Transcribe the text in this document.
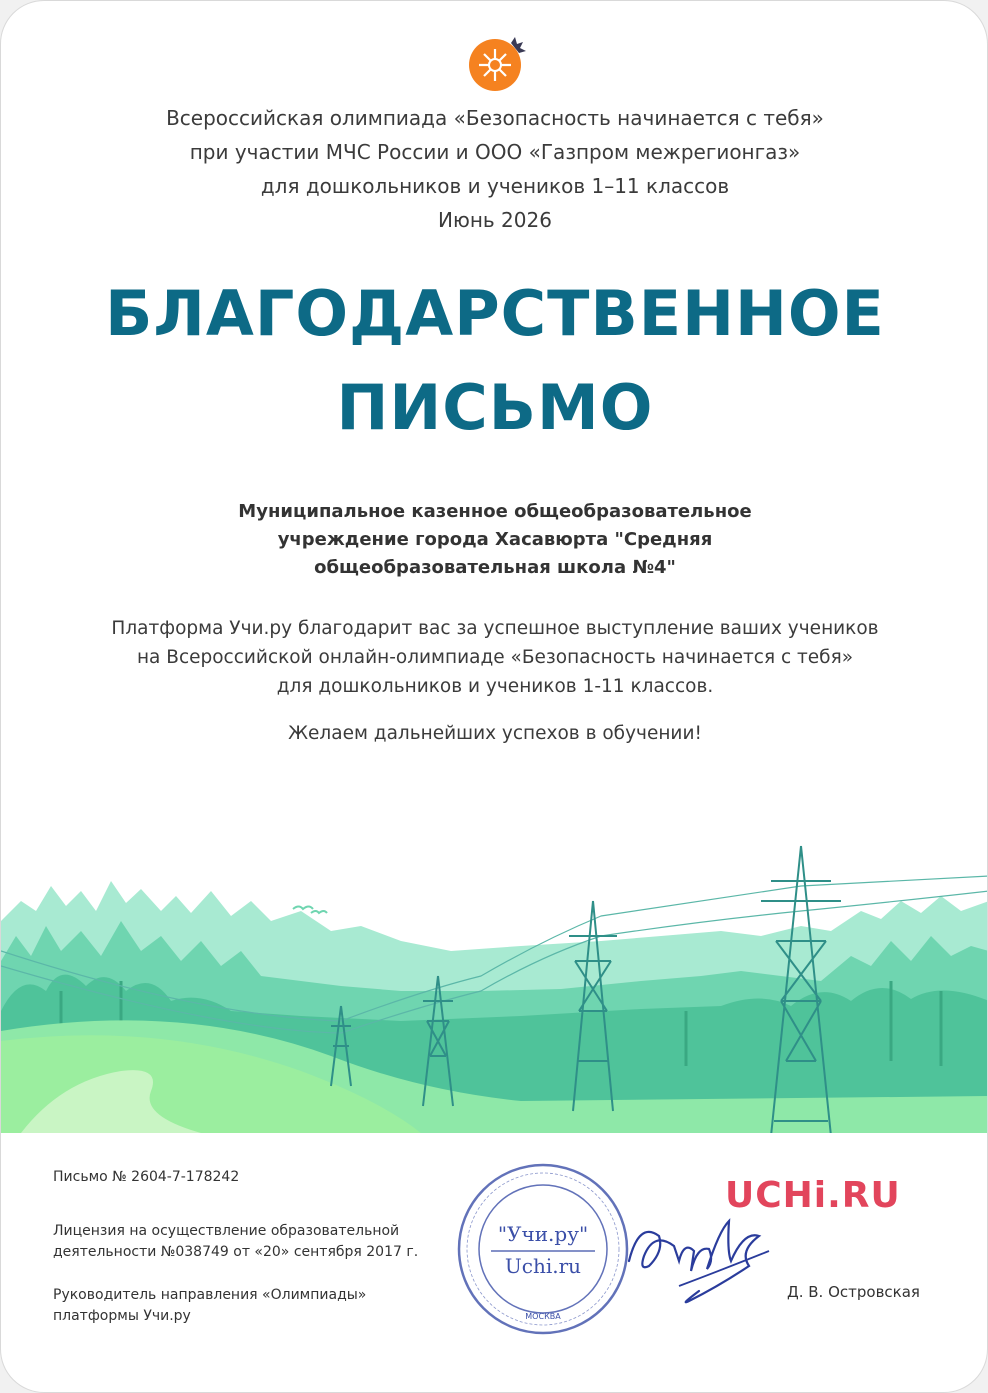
Всероссийская олимпиада «Безопасность начинается с тебя»
при участии МЧС России и ООО «Газпром межрегионгаз»
для дошкольников и учеников 1–11 классов
Июнь 2026
БЛАГОДАРСТВЕННОЕ
ПИСЬМО
Муниципальное казенное общеобразовательное
учреждение города Хасавюрта "Средняя
общеобразовательная школа №4"
Платформа Учи.ру благодарит вас за успешное выступление ваших учеников
на Всероссийской онлайн-олимпиаде «Безопасность начинается с тебя»
для дошкольников и учеников 1-11 классов.
Желаем дальнейших успехов в обучении!
Письмо № 2604-7-178242
Лицензия на осуществление образовательной
деятельности №038749 от «20» сентября 2017 г.
Руководитель направления «Олимпиады»
платформы Учи.ру
"Учи.ру"
Uchi.ru
МОСКВА
UCHi.RU
Д. В. Островская
